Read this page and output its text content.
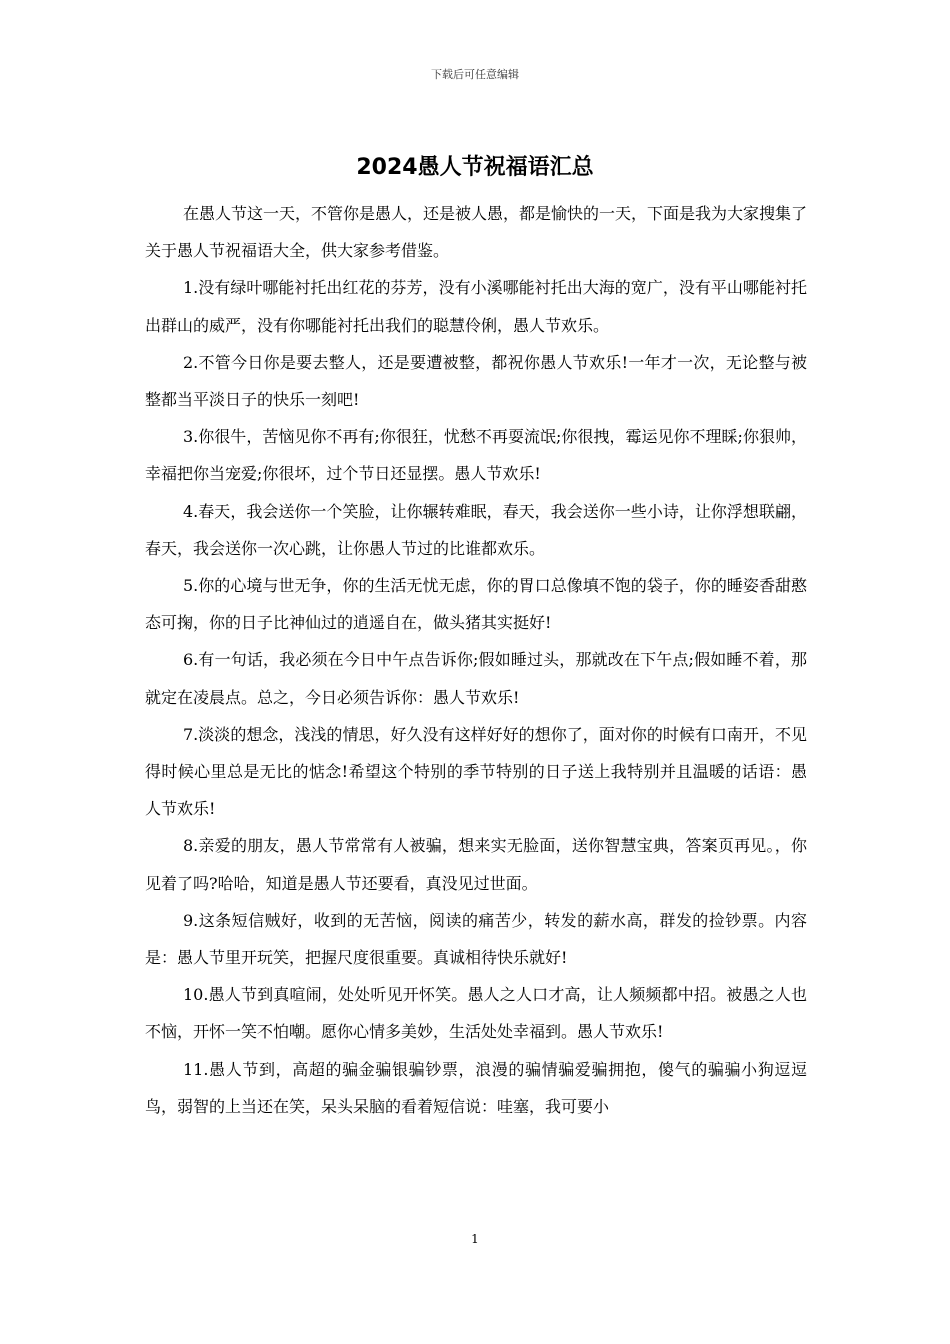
下载后可任意编辑
2024愚人节祝福语汇总

在愚人节这一天，不管你是愚人，还是被人愚，都是愉快的一天，下面是我为大家搜集了关于愚人节祝福语大全，供大家参考借鉴。

1.没有绿叶哪能衬托出红花的芬芳，没有小溪哪能衬托出大海的宽广，没有平山哪能衬托出群山的威严，没有你哪能衬托出我们的聪慧伶俐，愚人节欢乐。

2.不管今日你是要去整人，还是要遭被整，都祝你愚人节欢乐!一年才一次，无论整与被整都当平淡日子的快乐一刻吧!

3.你很牛，苦恼见你不再有;你很狂，忧愁不再耍流氓;你很拽，霉运见你不理睬;你狠帅，幸福把你当宠爱;你很坏，过个节日还显摆。愚人节欢乐!

4.春天，我会送你一个笑脸，让你辗转难眠，春天，我会送你一些小诗，让你浮想联翩，春天，我会送你一次心跳，让你愚人节过的比谁都欢乐。

5.你的心境与世无争，你的生活无忧无虑，你的胃口总像填不饱的袋子，你的睡姿香甜憨态可掬，你的日子比神仙过的逍遥自在，做头猪其实挺好!

6.有一句话，我必须在今日中午点告诉你;假如睡过头，那就改在下午点;假如睡不着，那就定在凌晨点。总之，今日必须告诉你：愚人节欢乐!

7.淡淡的想念，浅浅的情思，好久没有这样好好的想你了，面对你的时候有口南开，不见得时候心里总是无比的惦念!希望这个特别的季节特别的日子送上我特别并且温暖的话语：愚人节欢乐!

8.亲爱的朋友，愚人节常常有人被骗，想来实无脸面，送你智慧宝典，答案页再见。，你见着了吗?哈哈，知道是愚人节还要看，真没见过世面。

9.这条短信贼好，收到的无苦恼，阅读的痛苦少，转发的薪水高，群发的捡钞票。内容是：愚人节里开玩笑，把握尺度很重要。真诚相待快乐就好!

10.愚人节到真喧闹，处处听见开怀笑。愚人之人口才高，让人频频都中招。被愚之人也不恼，开怀一笑不怕嘲。愿你心情多美妙，生活处处幸福到。愚人节欢乐!

11.愚人节到，高超的骗金骗银骗钞票，浪漫的骗情骗爱骗拥抱，傻气的骗骗小狗逗逗鸟，弱智的上当还在笑，呆头呆脑的看着短信说：哇塞，我可要小

1
